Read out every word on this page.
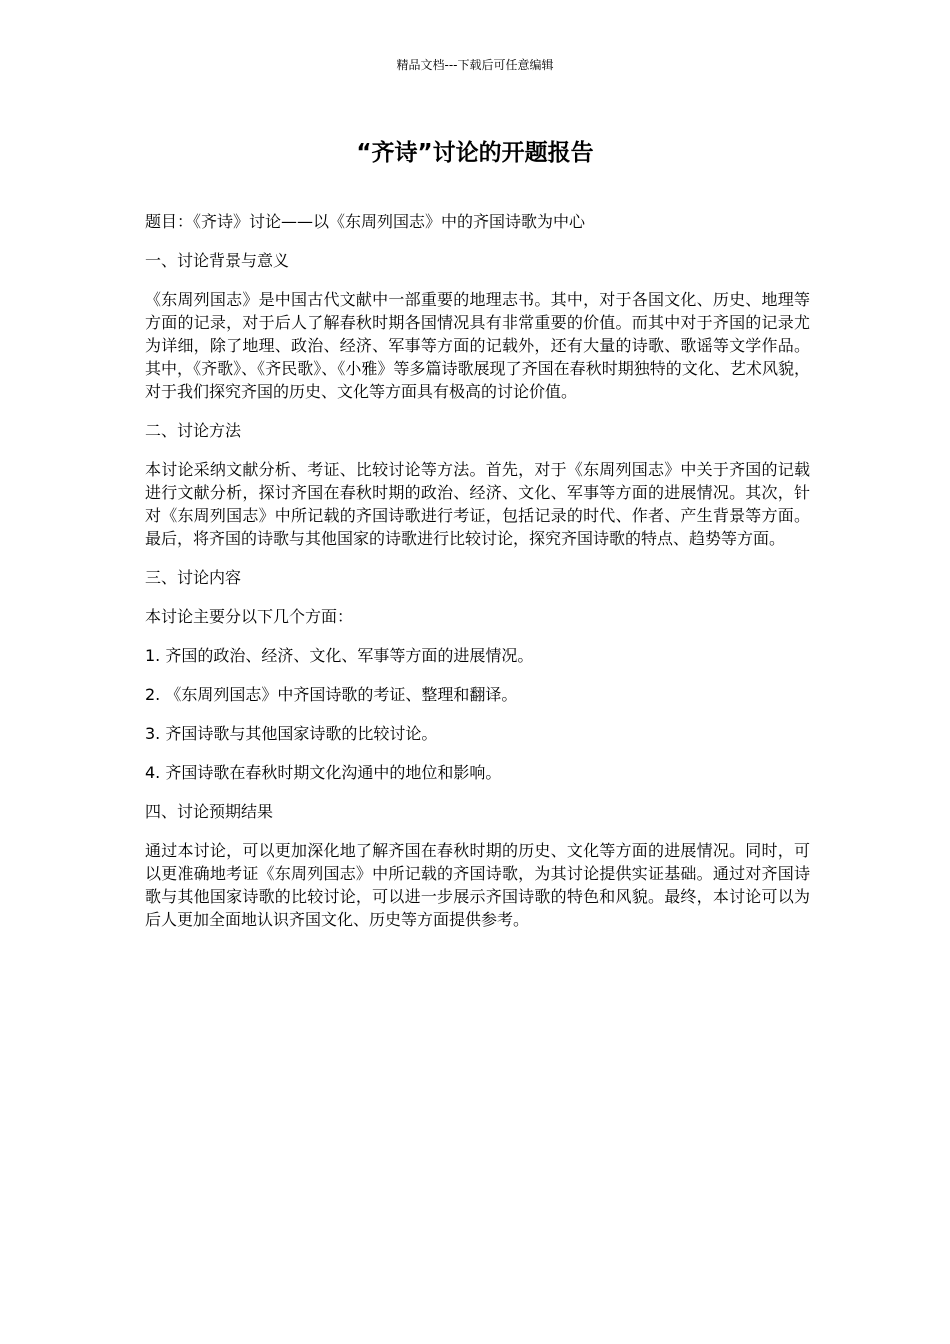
精品文档---下载后可任意编辑
“齐诗”讨论的开题报告

题目：《齐诗》讨论——以《东周列国志》中的齐国诗歌为中心

一、讨论背景与意义

《东周列国志》是中国古代文献中一部重要的地理志书。其中，对于各国文化、历史、地理等方面的记录，对于后人了解春秋时期各国情况具有非常重要的价值。而其中对于齐国的记录尤为详细，除了地理、政治、经济、军事等方面的记载外，还有大量的诗歌、歌谣等文学作品。其中，《齐歌》、《齐民歌》、《小雅》等多篇诗歌展现了齐国在春秋时期独特的文化、艺术风貌，对于我们探究齐国的历史、文化等方面具有极高的讨论价值。

二、讨论方法

本讨论采纳文献分析、考证、比较讨论等方法。首先，对于《东周列国志》中关于齐国的记载进行文献分析，探讨齐国在春秋时期的政治、经济、文化、军事等方面的进展情况。其次，针对《东周列国志》中所记载的齐国诗歌进行考证，包括记录的时代、作者、产生背景等方面。最后，将齐国的诗歌与其他国家的诗歌进行比较讨论，探究齐国诗歌的特点、趋势等方面。

三、讨论内容

本讨论主要分以下几个方面：

1. 齐国的政治、经济、文化、军事等方面的进展情况。

2. 《东周列国志》中齐国诗歌的考证、整理和翻译。

3. 齐国诗歌与其他国家诗歌的比较讨论。

4. 齐国诗歌在春秋时期文化沟通中的地位和影响。

四、讨论预期结果

通过本讨论，可以更加深化地了解齐国在春秋时期的历史、文化等方面的进展情况。同时，可以更准确地考证《东周列国志》中所记载的齐国诗歌，为其讨论提供实证基础。通过对齐国诗歌与其他国家诗歌的比较讨论，可以进一步展示齐国诗歌的特色和风貌。最终，本讨论可以为后人更加全面地认识齐国文化、历史等方面提供参考。
